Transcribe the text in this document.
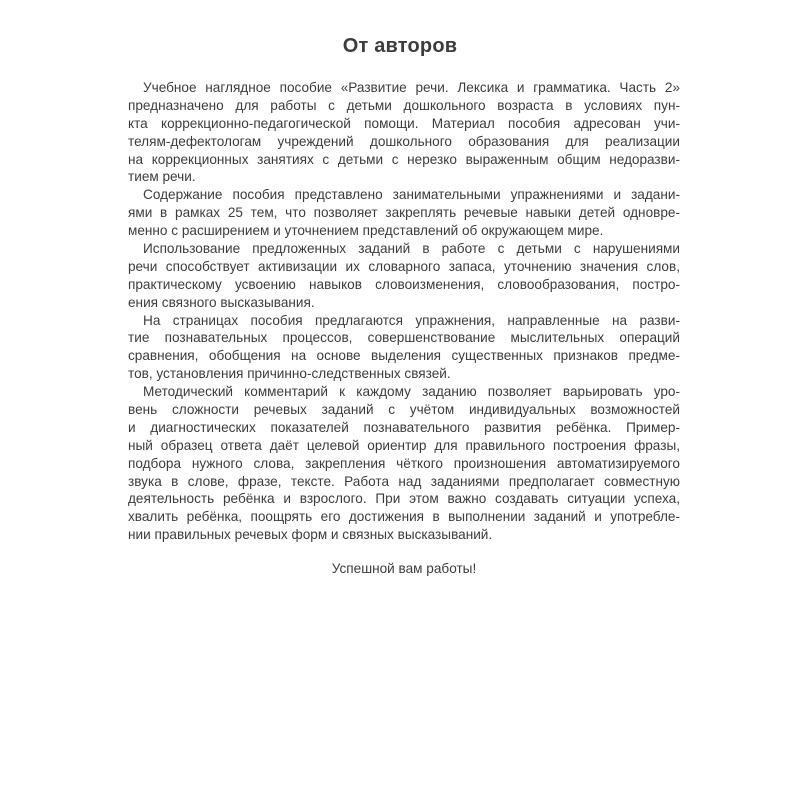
От авторов
Учебное наглядное пособие «Развитие речи. Лексика и грамматика. Часть 2»
предназначено для работы с детьми дошкольного возраста в условиях пун-
кта коррекционно-педагогической помощи. Материал пособия адресован учи-
телям-дефектологам учреждений дошкольного образования для реализации
на коррекционных занятиях с детьми с нерезко выраженным общим недоразви-
тием речи.
Содержание пособия представлено занимательными упражнениями и задани-
ями в рамках 25 тем, что позволяет закреплять речевые навыки детей одновре-
менно с расширением и уточнением представлений об окружающем мире.
Использование предложенных заданий в работе с детьми с нарушениями
речи способствует активизации их словарного запаса, уточнению значения слов,
практическому усвоению навыков словоизменения, словообразования, постро-
ения связного высказывания.
На страницах пособия предлагаются упражнения, направленные на разви-
тие познавательных процессов, совершенствование мыслительных операций
сравнения, обобщения на основе выделения существенных признаков предме-
тов, установления причинно-следственных связей.
Методический комментарий к каждому заданию позволяет варьировать уро-
вень сложности речевых заданий с учётом индивидуальных возможностей
и диагностических показателей познавательного развития ребёнка. Пример-
ный образец ответа даёт целевой ориентир для правильного построения фразы,
подбора нужного слова, закрепления чёткого произношения автоматизируемого
звука в слове, фразе, тексте. Работа над заданиями предполагает совместную
деятельность ребёнка и взрослого. При этом важно создавать ситуации успеха,
хвалить ребёнка, поощрять его достижения в выполнении заданий и употребле-
нии правильных речевых форм и связных высказываний.

Успешной вам работы!
